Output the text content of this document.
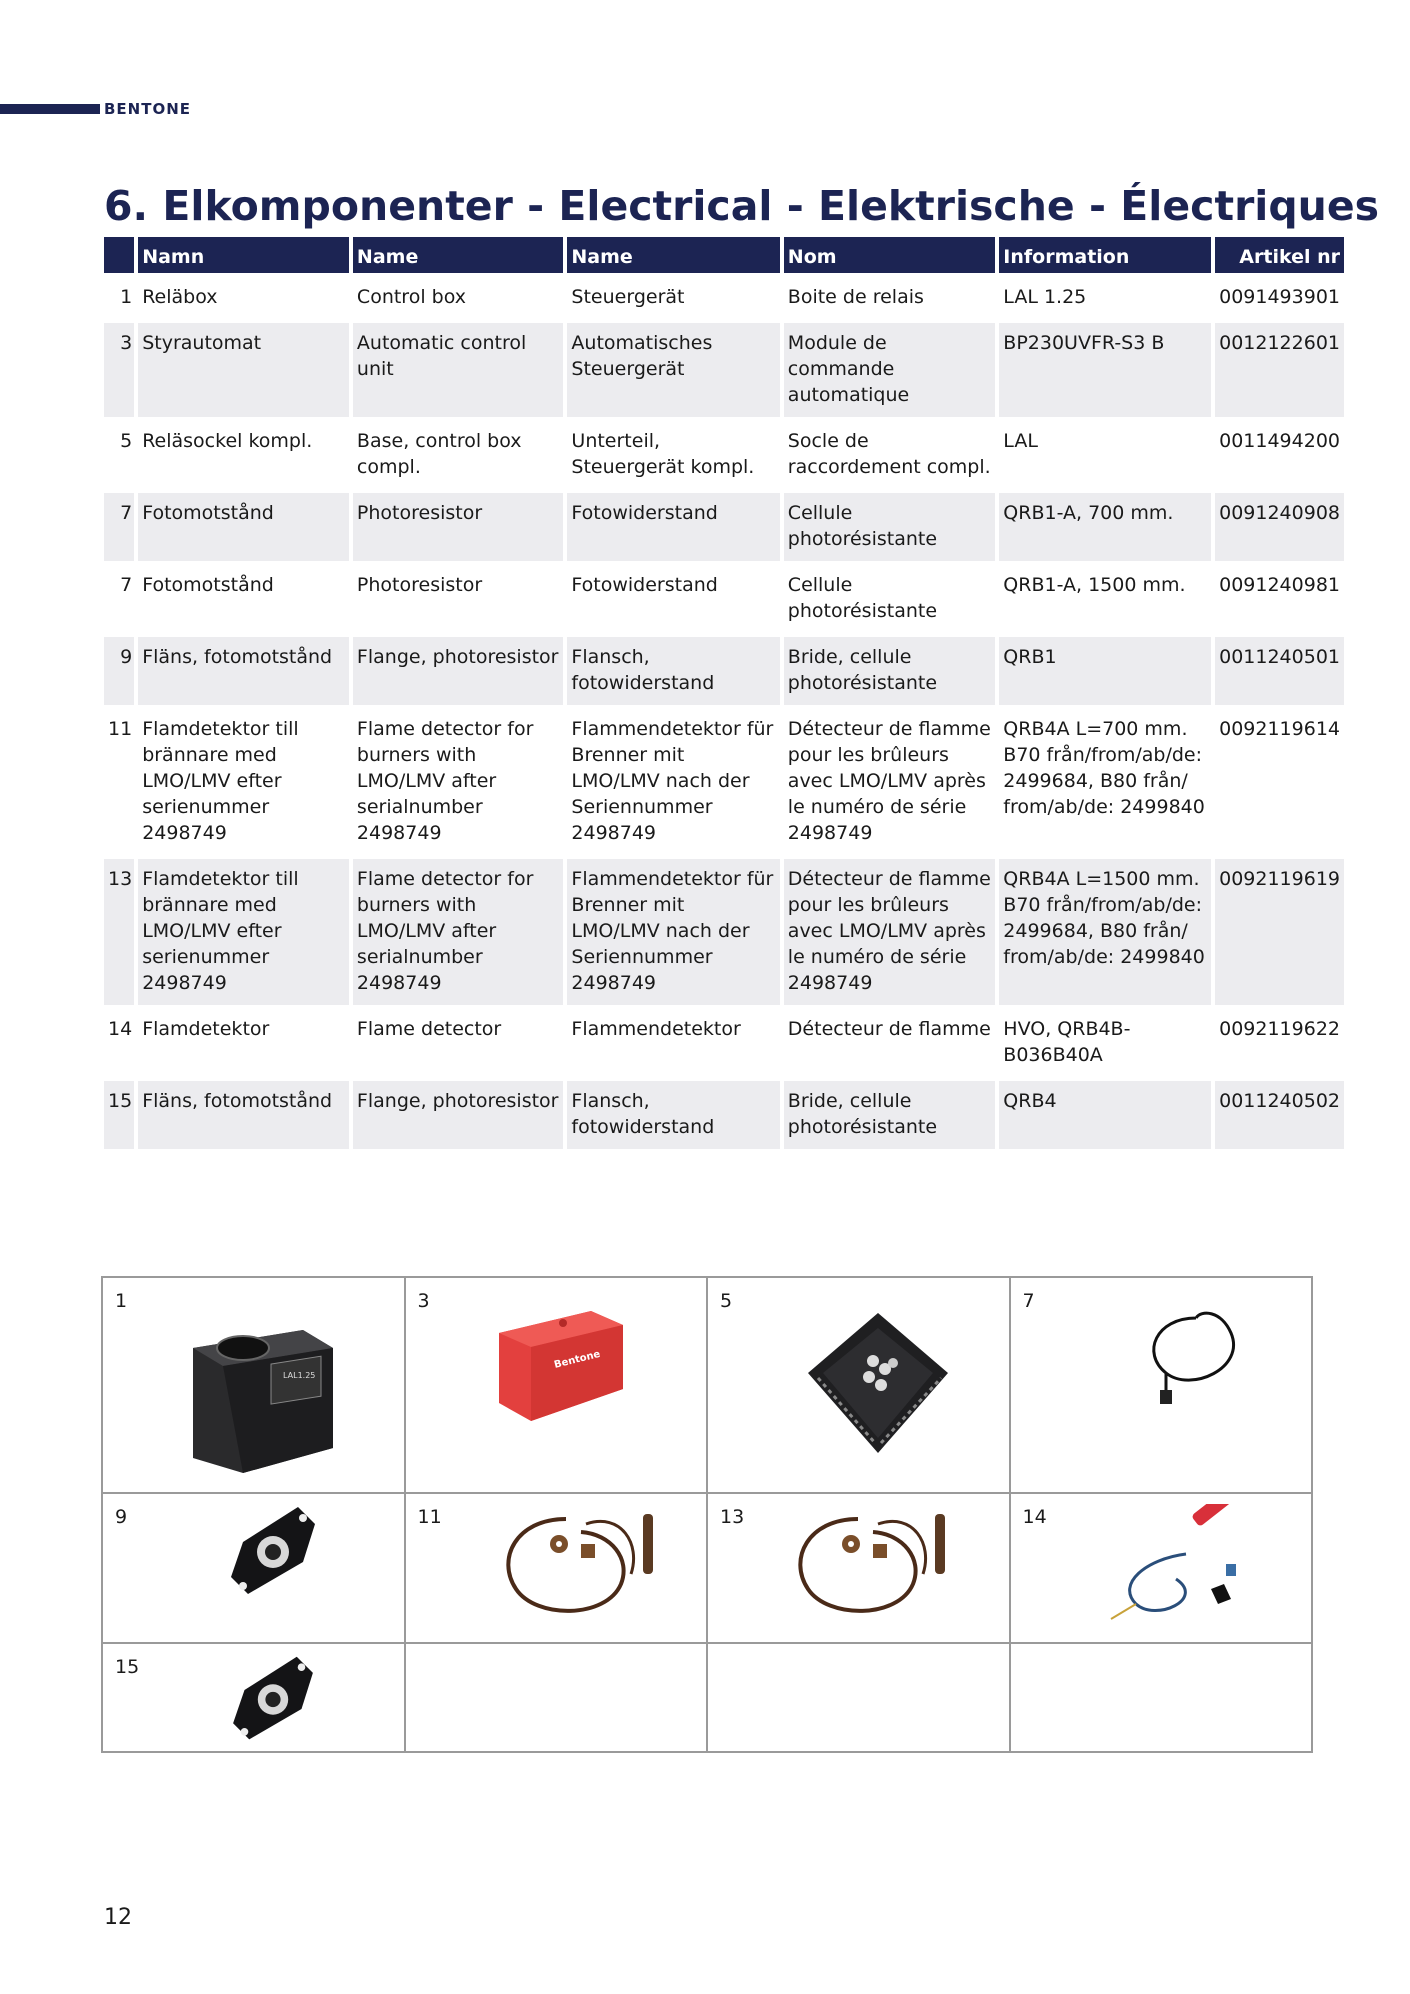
BENTONE
6. Elkomponenter - Electrical - Elektrische - Électriques
	Namn	Name	Name	Nom	Information	Artikel nr
1	Reläbox	Control box	Steuergerät	Boite de relais	LAL 1.25	0091493901
3	Styrautomat	Automatic control unit	Automatisches Steuergerät	Module de commande automatique	BP230UVFR-S3 B	0012122601
5	Reläsockel kompl.	Base, control box compl.	Unterteil, Steuergerät kompl.	Socle de raccordement compl.	LAL	0011494200
7	Fotomotstånd	Photoresistor	Fotowiderstand	Cellule photorésistante	QRB1-A, 700 mm.	0091240908
7	Fotomotstånd	Photoresistor	Fotowiderstand	Cellule photorésistante	QRB1-A, 1500 mm.	0091240981
9	Fläns, fotomotstånd	Flange, photoresistor	Flansch, fotowiderstand	Bride, cellule photorésistante	QRB1	0011240501
11	Flamdetektor till brännare med LMO/LMV efter serienummer 2498749	Flame detector for burners with LMO/LMV after serialnumber 2498749	Flammendetektor für Brenner mit LMO/LMV nach der Seriennummer 2498749	Détecteur de flamme pour les brûleurs avec LMO/LMV après le numéro de série 2498749	QRB4A L=700 mm. B70 från/from/ab/de: 2499684, B80 från/ from/ab/de: 2499840	0092119614
13	Flamdetektor till brännare med LMO/LMV efter serienummer 2498749	Flame detector for burners with LMO/LMV after serialnumber 2498749	Flammendetektor für Brenner mit LMO/LMV nach der Seriennummer 2498749	Détecteur de flamme pour les brûleurs avec LMO/LMV après le numéro de série 2498749	QRB4A L=1500 mm. B70 från/from/ab/de: 2499684, B80 från/ from/ab/de: 2499840	0092119619
14	Flamdetektor	Flame detector	Flammendetektor	Détecteur de flamme	HVO, QRB4B-B036B40A	0092119622
15	Fläns, fotomotstånd	Flange, photoresistor	Flansch, fotowiderstand	Bride, cellule photorésistante	QRB4	0011240502
1
LAL1.25	3
Bentone	5	7

9	11	13	14

15			

12
